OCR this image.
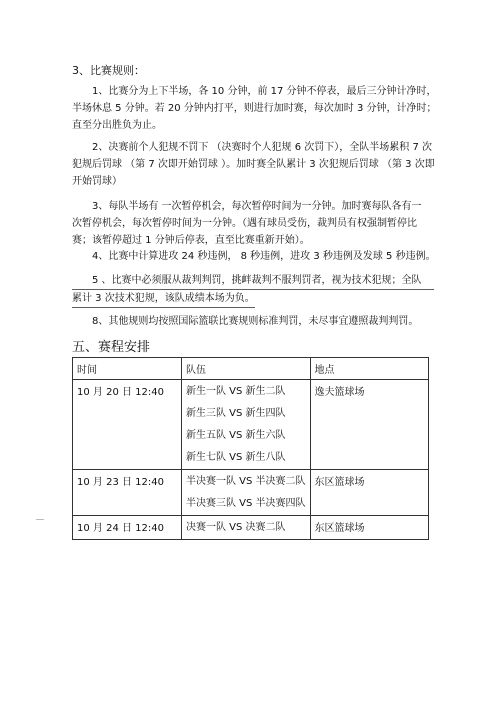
3、比赛规则：

1、比赛分为上下半场，各 10 分钟，前 17 分钟不停表，最后三分钟计净时，
半场休息 5 分钟。若 20 分钟内打平，则进行加时赛，每次加时 3 分钟，计净时；
直至分出胜负为止。

2、决赛前个人犯规不罚下 （决赛时个人犯规 6 次罚下），全队半场累积 7 次
犯规后罚球 （第 7 次即开始罚球 ）。加时赛全队累计 3 次犯规后罚球 （第 3 次即
开始罚球）

3、每队半场有 一次暂停机会，每次暂停时间为一分钟。加时赛每队各有一
次暂停机会，每次暂停时间为一分钟。（遇有球员受伤，裁判员有权强制暂停比
赛；该暂停超过 1 分钟后停表，直至比赛重新开始）。

4、比赛中计算进攻 24 秒违例， 8 秒违例，进攻 3 秒违例及发球 5 秒违例。

5 、比赛中必须服从裁判判罚，挑衅裁判不服判罚者，视为技术犯规；全队
累计 3 次技术犯规，该队成绩本场为负。

8、其他规则均按照国际篮联比赛规则标准判罚，未尽事宜遵照裁判判罚。

五、赛程安排
时间	队伍	地点
10 月 20 日 12:40	新生一队 VS 新生二队
新生三队 VS 新生四队
新生五队 VS 新生六队
新生七队 VS 新生八队	逸夫篮球场
10 月 23 日 12:40	半决赛一队 VS 半决赛二队
半决赛三队 VS 半决赛四队	东区篮球场
10 月 24 日 12:40	决赛一队 VS 决赛二队	东区篮球场
